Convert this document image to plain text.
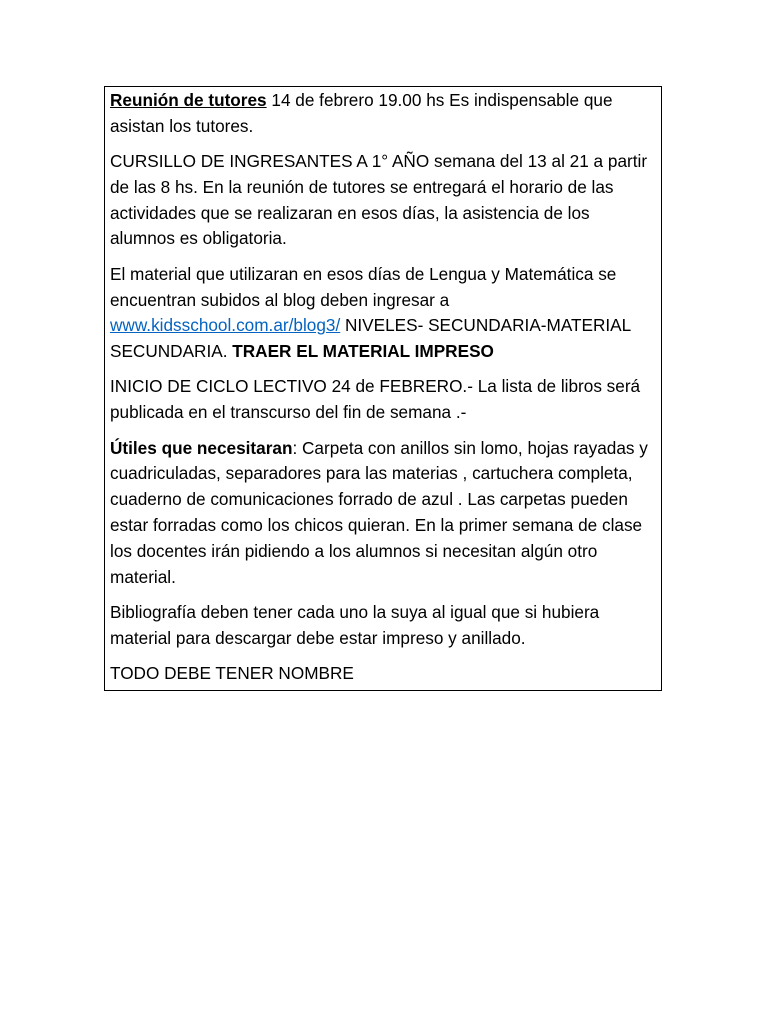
Reunión de tutores 14 de febrero 19.00 hs Es indispensable que asistan los tutores.

CURSILLO DE INGRESANTES A 1° AÑO semana del 13 al 21 a partir de las 8 hs. En la reunión de tutores se entregará el horario de las actividades que se realizaran en esos días, la asistencia de los alumnos es obligatoria.

El material que utilizaran en esos días de Lengua y Matemática se encuentran subidos al blog deben ingresar a www.kidsschool.com.ar/blog3/ NIVELES- SECUNDARIA-MATERIAL SECUNDARIA. TRAER EL MATERIAL IMPRESO

INICIO DE CICLO LECTIVO 24 de FEBRERO.- La lista de libros será publicada en el transcurso del fin de semana .-

Útiles que necesitaran: Carpeta con anillos sin lomo, hojas rayadas y cuadriculadas, separadores para las materias , cartuchera completa, cuaderno de comunicaciones forrado de azul . Las carpetas pueden estar forradas como los chicos quieran. En la primer semana de clase los docentes irán pidiendo a los alumnos si necesitan algún otro material.

Bibliografía deben tener cada uno la suya al igual que si hubiera material para descargar debe estar impreso y anillado.

TODO DEBE TENER NOMBRE
